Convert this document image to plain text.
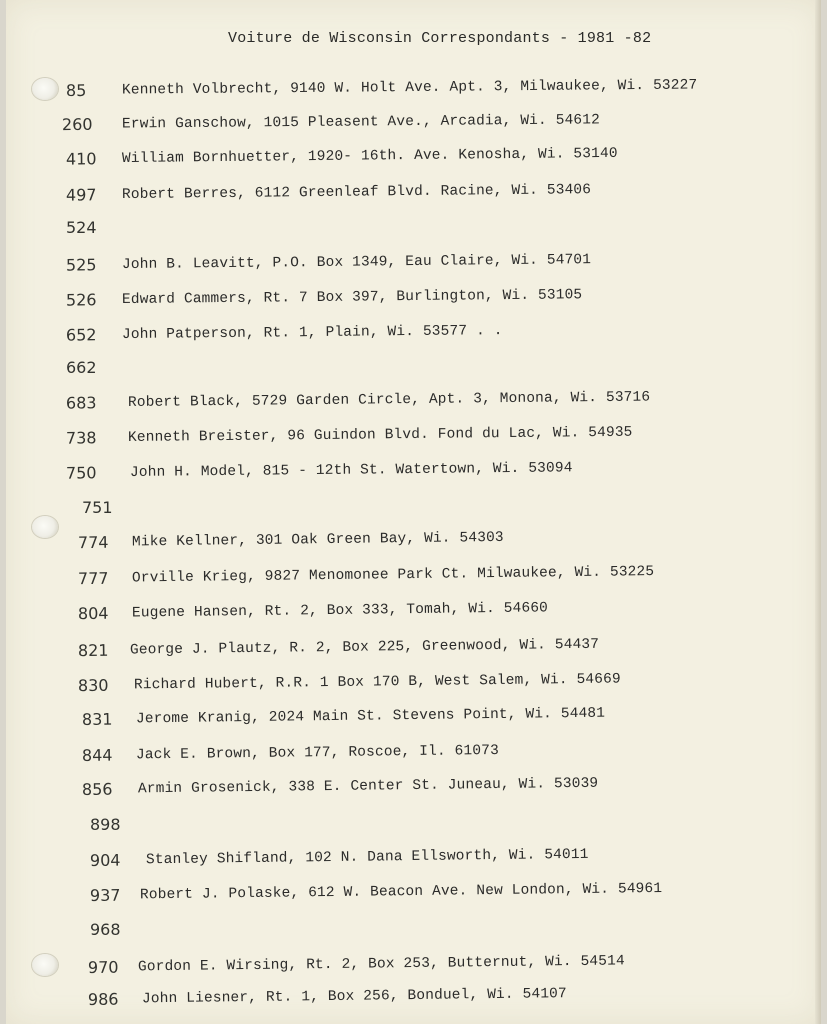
Voiture de Wisconsin Correspondants - 1981 -82
85	Kenneth Volbrecht, 9140 W. Holt Ave. Apt. 3, Milwaukee, Wi. 53227
260	Erwin Ganschow, 1015 Pleasent Ave., Arcadia, Wi. 54612
410	William Bornhuetter, 1920- 16th. Ave. Kenosha, Wi. 53140
497	Robert Berres, 6112 Greenleaf Blvd. Racine, Wi. 53406
524
525	John B. Leavitt, P.O. Box 1349, Eau Claire, Wi. 54701
526	Edward Cammers, Rt. 7 Box 397, Burlington, Wi. 53105
652	John Patperson, Rt. 1, Plain, Wi. 53577 . .
662
683	Robert Black, 5729 Garden Circle, Apt. 3, Monona, Wi. 53716
738	Kenneth Breister, 96 Guindon Blvd. Fond du Lac, Wi. 54935
750	John H. Model, 815 - 12th St. Watertown, Wi. 53094
751
774	Mike Kellner, 301 Oak Green Bay, Wi. 54303
777	Orville Krieg, 9827 Menomonee Park Ct. Milwaukee, Wi. 53225
804	Eugene Hansen, Rt. 2, Box 333, Tomah, Wi. 54660
821	George J. Plautz, R. 2, Box 225, Greenwood, Wi. 54437
830	Richard Hubert, R.R. 1 Box 170 B, West Salem, Wi. 54669
831	Jerome Kranig, 2024 Main St. Stevens Point, Wi. 54481
844	Jack E. Brown, Box 177, Roscoe, Il. 61073
856	Armin Grosenick, 338 E. Center St. Juneau, Wi. 53039
898
904	Stanley Shifland, 102 N. Dana Ellsworth, Wi. 54011
937	Robert J. Polaske, 612 W. Beacon Ave. New London, Wi. 54961
968
970	Gordon E. Wirsing, Rt. 2, Box 253, Butternut, Wi. 54514
986	John Liesner, Rt. 1, Box 256, Bonduel, Wi. 54107
